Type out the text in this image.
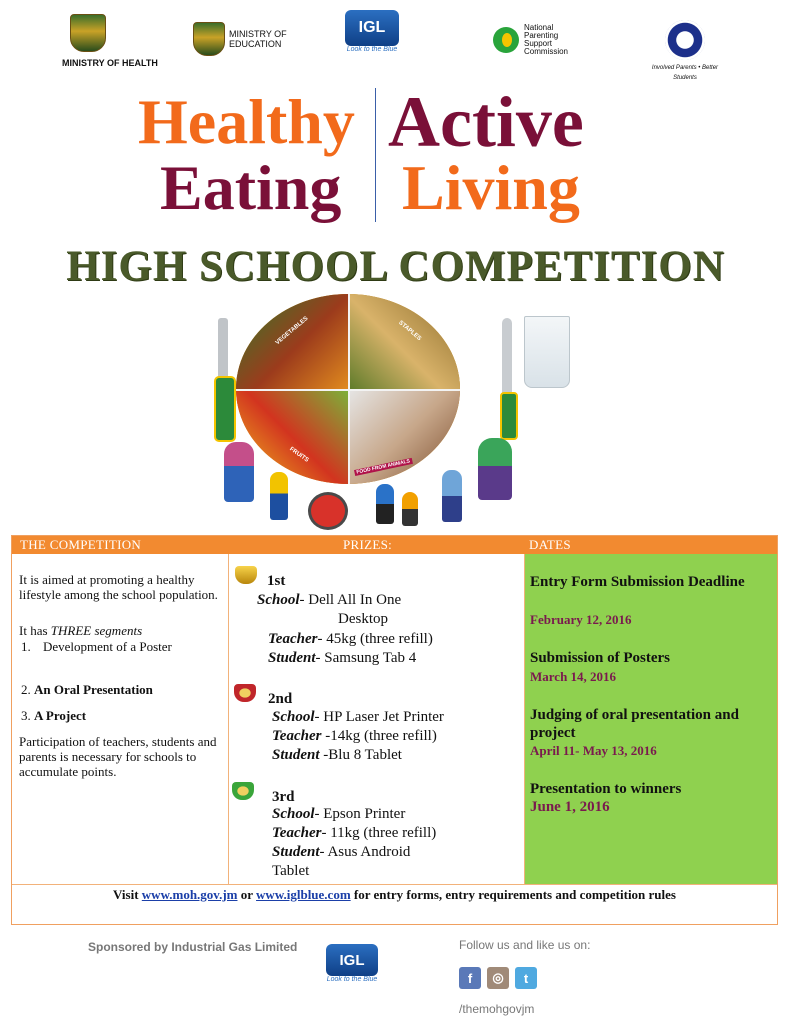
MINISTRY OF HEALTH
MINISTRY OF
EDUCATION
IGL
Look to the Blue
National
Parenting
Support
Commission
Involved Parents • Better Students
Healthy
Eating
Active
Living
HIGH SCHOOL COMPETITION
VEGETABLES	STAPLES
FRUITS
FOOD FROM ANIMALS
THE COMPETITION	PRIZES:	DATES
It is aimed at promoting a healthy lifestyle among the school population.
It has THREE segments
1. Development of a Poster
2. An Oral Presentation
3. A Project
Participation of teachers, students and parents is necessary for schools to accumulate points.
1st
School- Dell All In One
Desktop
Teacher- 45kg (three refill)
Student- Samsung Tab 4
2nd
School- HP Laser Jet Printer
Teacher -14kg (three refill)
Student -Blu 8 Tablet
3rd
School- Epson Printer
Teacher- 11kg (three refill)
Student- Asus Android
Tablet
Entry Form Submission Deadline
February 12, 2016
Submission of Posters
March 14, 2016
Judging of oral presentation and project
April 11- May 13, 2016
Presentation to winners
June 1, 2016
Visit www.moh.gov.jm or www.iglblue.com for entry forms, entry requirements and competition rules
Sponsored by Industrial Gas Limited
IGL
Look to the Blue
Follow us and like us on:
f	◎	t
/themohgovjm
